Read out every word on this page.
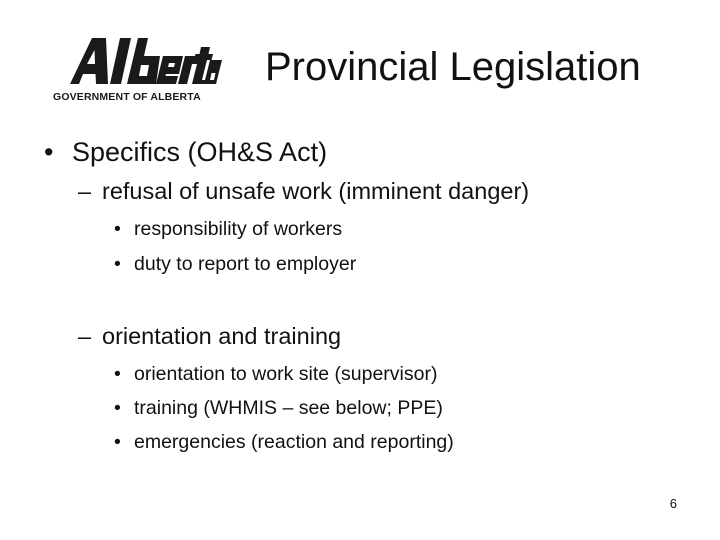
GOVERNMENT OF ALBERTA
Provincial Legislation
• Specifics (OH&S Act)
– refusal of unsafe work (imminent danger)
• responsibility of workers
• duty to report to employer
– orientation and training
• orientation to work site (supervisor)
• training (WHMIS – see below; PPE)
• emergencies (reaction and reporting)
6
